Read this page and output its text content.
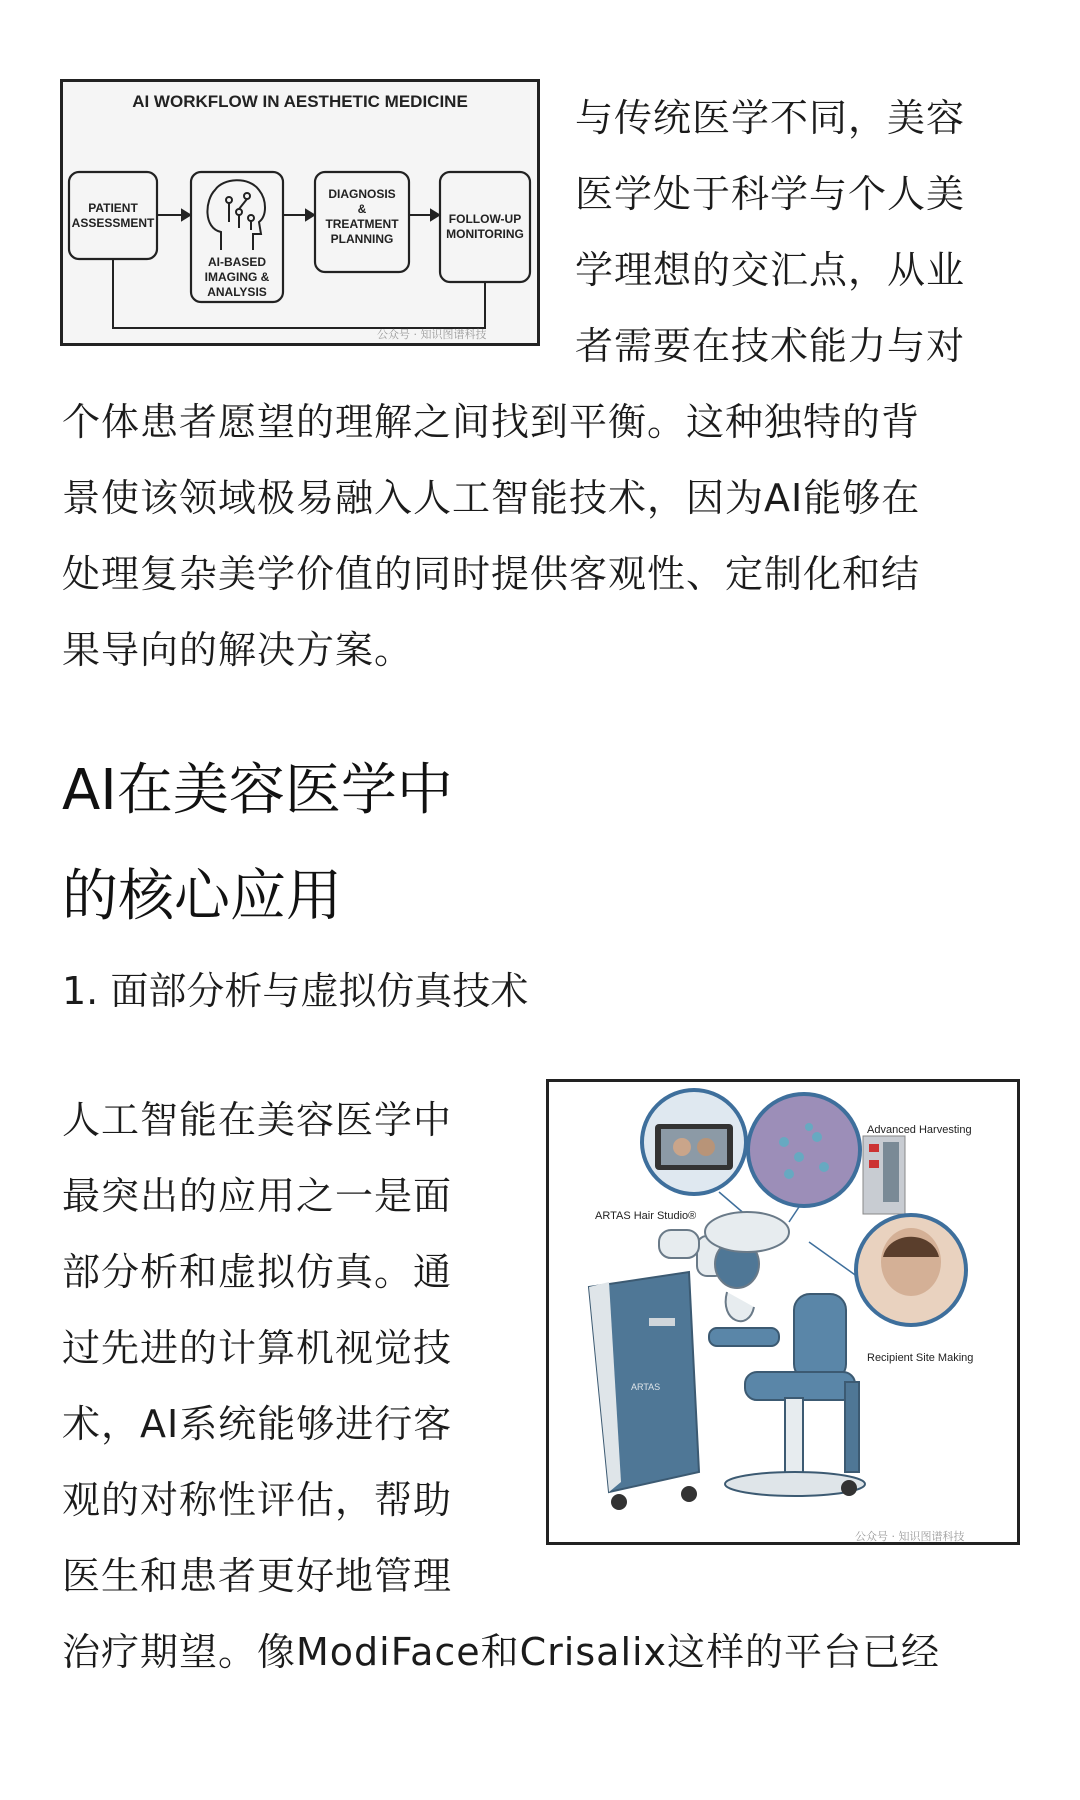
AI WORKFLOW IN AESTHETIC MEDICINE
PATIENT
ASSESSMENT
AI-BASED
IMAGING &
ANALYSIS
DIAGNOSIS
&
TREATMENT
PLANNING
FOLLOW-UP
MONITORING
公众号 · 知识图谱科技
与传统医学不同，美容
医学处于科学与个人美
学理想的交汇点，从业
者需要在技术能力与对
个体患者愿望的理解之间找到平衡。这种独特的背
景使该领域极易融入人工智能技术，因为AI能够在
处理复杂美学价值的同时提供客观性、定制化和结
果导向的解决方案。
AI在美容医学中
的核心应用
1. 面部分析与虚拟仿真技术
人工智能在美容医学中
最突出的应用之一是面
部分析和虚拟仿真。通
过先进的计算机视觉技
术，AI系统能够进行客
观的对称性评估，帮助
医生和患者更好地管理
治疗期望。像ModiFace和Crisalix这样的平台已经
ARTAS Hair Studio®
Advanced Harvesting
Recipient Site Making
ARTAS
公众号 · 知识图谱科技
